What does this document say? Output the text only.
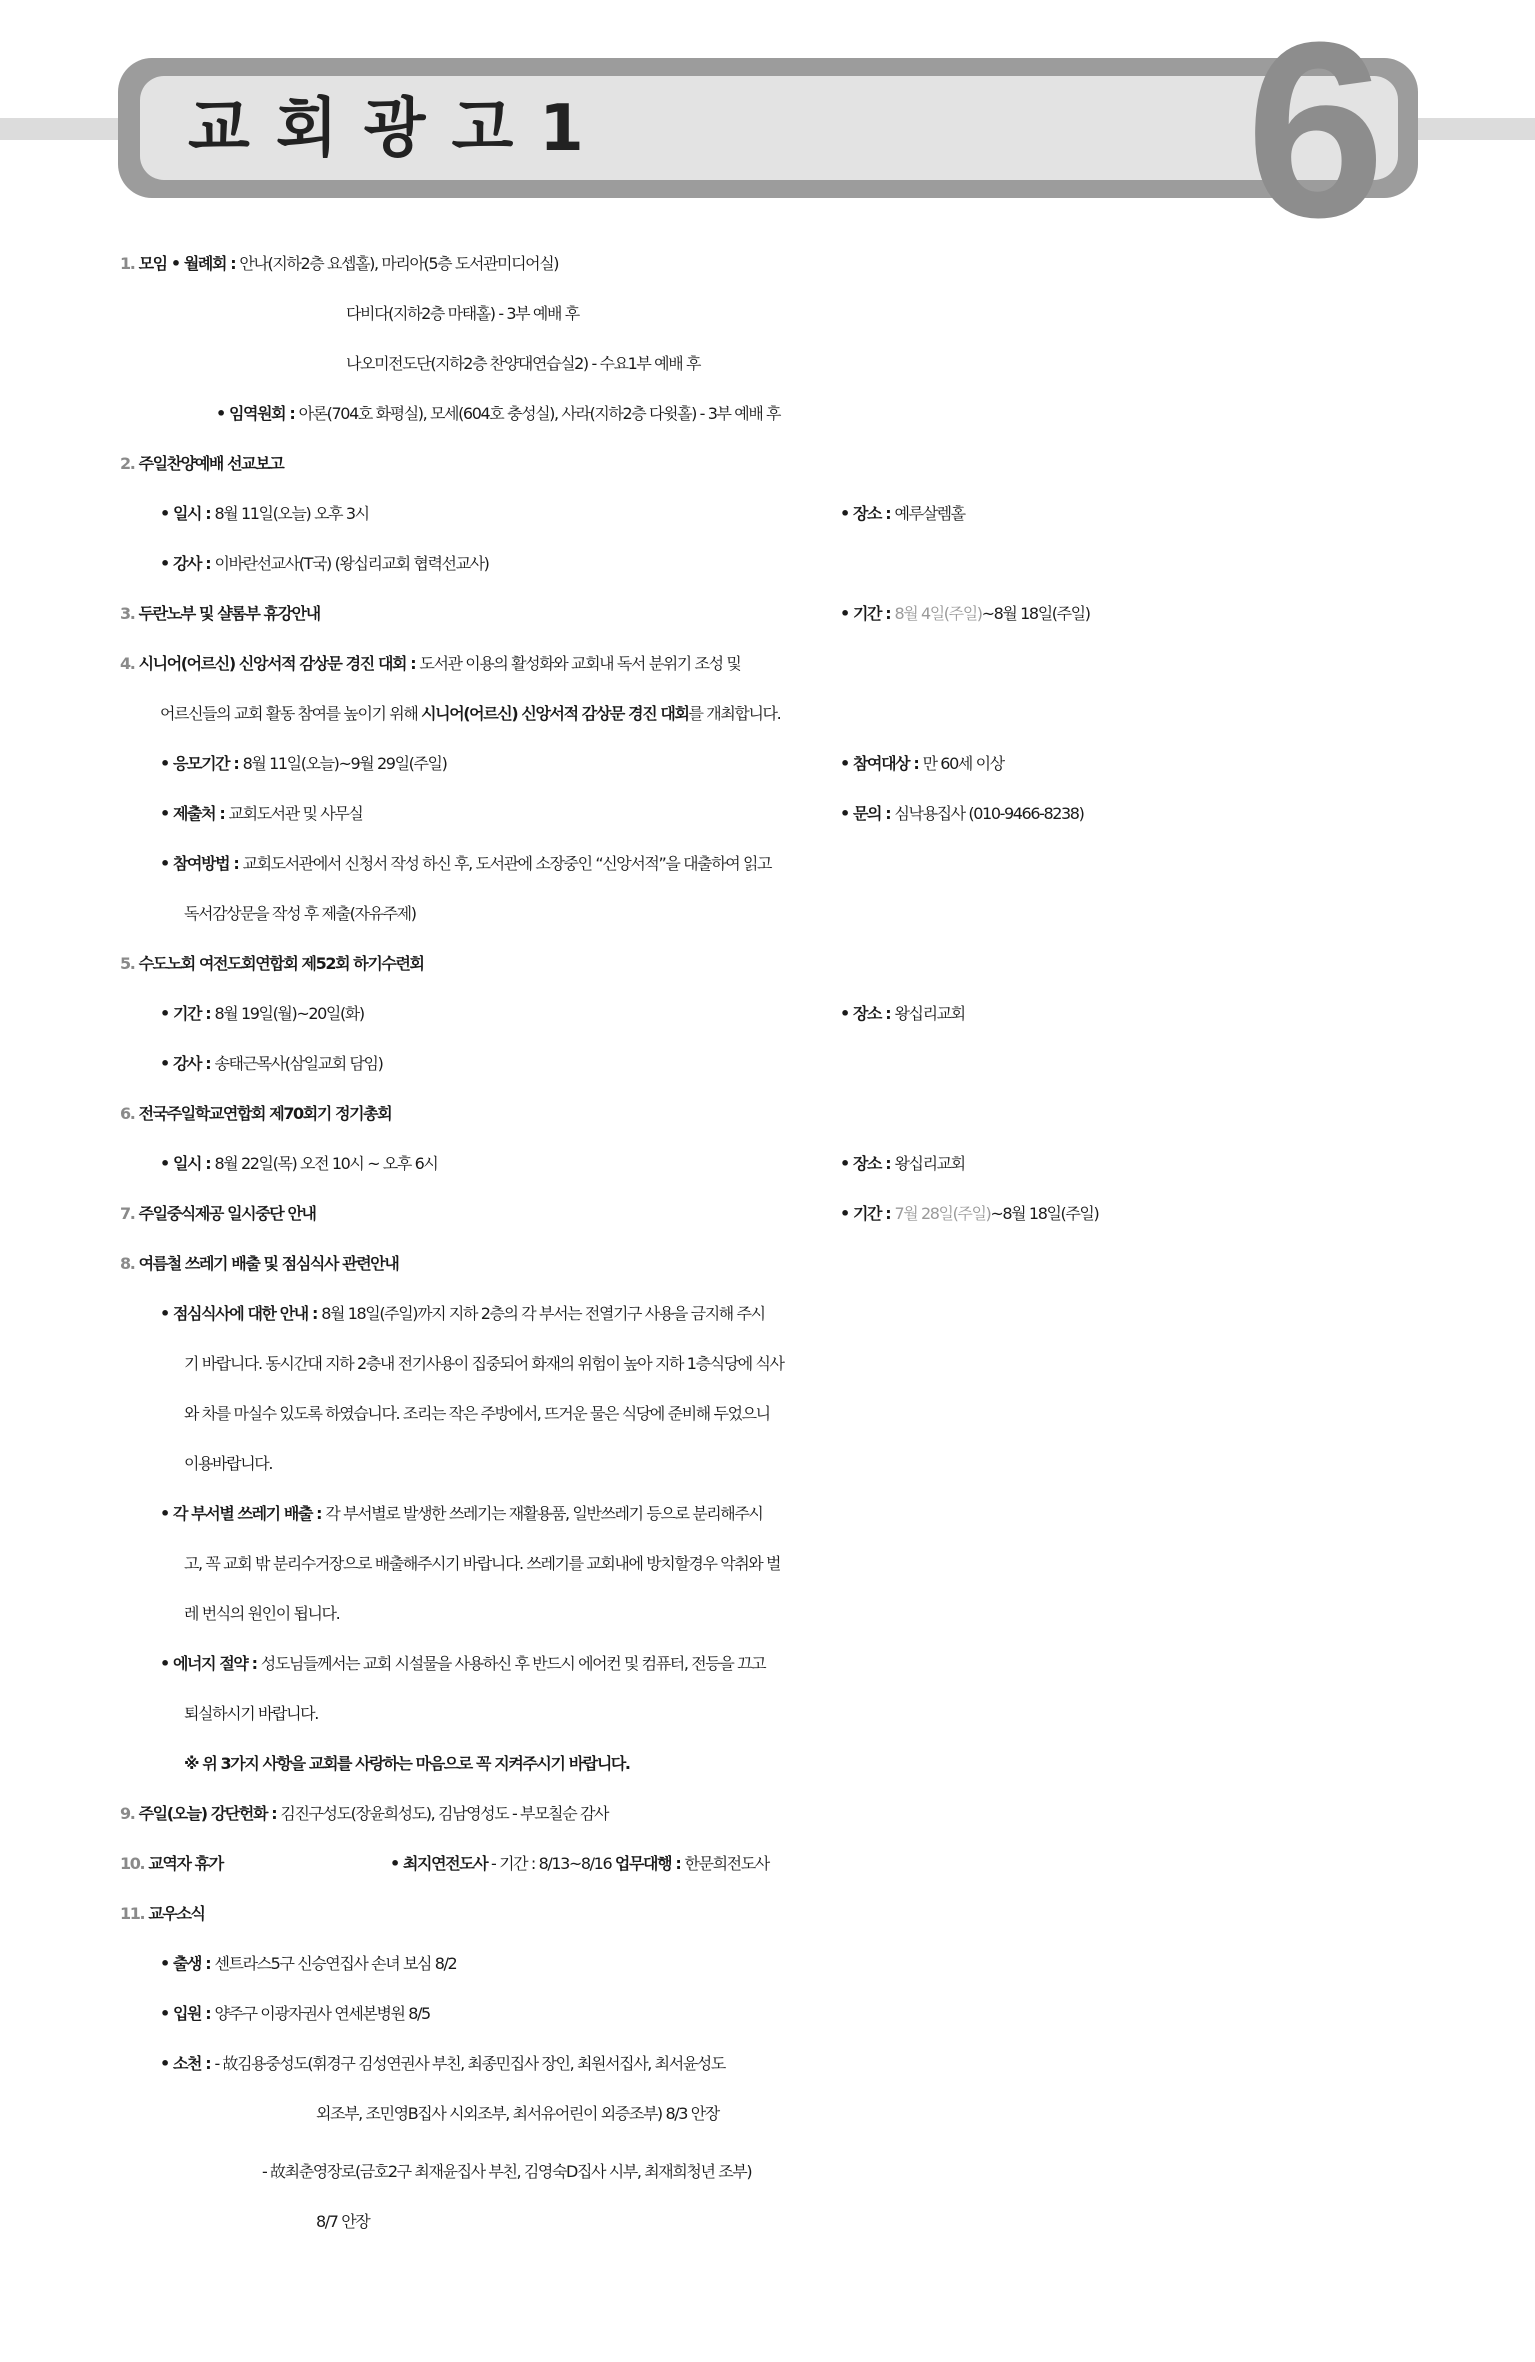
교회광고1	6
1. 모임 • 월례회 : 안나(지하2층 요셉홀), 마리아(5층 도서관미디어실)
다비다(지하2층 마태홀) - 3부 예배 후
나오미전도단(지하2층 찬양대연습실2) - 수요1부 예배 후
• 임역원회 : 아론(704호 화평실), 모세(604호 충성실), 사라(지하2층 다윗홀) - 3부 예배 후
2. 주일찬양예배 선교보고
• 일시 : 8월 11일(오늘) 오후 3시	• 장소 : 예루살렘홀
• 강사 : 이바란선교사(T국) (왕십리교회 협력선교사)
3. 두란노부 및 샬롬부 휴강안내	• 기간 : 8월 4일(주일)~8월 18일(주일)
4. 시니어(어르신) 신앙서적 감상문 경진 대회 : 도서관 이용의 활성화와 교회내 독서 분위기 조성 및
어르신들의 교회 활동 참여를 높이기 위해 시니어(어르신) 신앙서적 감상문 경진 대회를 개최합니다.
• 응모기간 : 8월 11일(오늘)~9월 29일(주일)	• 참여대상 : 만 60세 이상
• 제출처 : 교회도서관 및 사무실	• 문의 : 심낙용집사 (010-9466-8238)
• 참여방법 : 교회도서관에서 신청서 작성 하신 후, 도서관에 소장중인 “신앙서적”을 대출하여 읽고
독서감상문을 작성 후 제출(자유주제)
5. 수도노회 여전도회연합회 제52회 하기수련회
• 기간 : 8월 19일(월)~20일(화)	• 장소 : 왕십리교회
• 강사 : 송태근목사(삼일교회 담임)
6. 전국주일학교연합회 제70회기 정기총회
• 일시 : 8월 22일(목) 오전 10시 ~ 오후 6시	• 장소 : 왕십리교회
7. 주일중식제공 일시중단 안내	• 기간 : 7월 28일(주일)~8월 18일(주일)
8. 여름철 쓰레기 배출 및 점심식사 관련안내
• 점심식사에 대한 안내 : 8월 18일(주일)까지 지하 2층의 각 부서는 전열기구 사용을 금지해 주시
기 바랍니다. 동시간대 지하 2층내 전기사용이 집중되어 화재의 위험이 높아 지하 1층식당에 식사
와 차를 마실수 있도록 하였습니다. 조리는 작은 주방에서, 뜨거운 물은 식당에 준비해 두었으니
이용바랍니다.
• 각 부서별 쓰레기 배출 : 각 부서별로 발생한 쓰레기는 재활용품, 일반쓰레기 등으로 분리해주시
고, 꼭 교회 밖 분리수거장으로 배출해주시기 바랍니다. 쓰레기를 교회내에 방치할경우 악취와 벌
레 번식의 원인이 됩니다.
• 에너지 절약 : 성도님들께서는 교회 시설물을 사용하신 후 반드시 에어컨 및 컴퓨터, 전등을 끄고
퇴실하시기 바랍니다.
※ 위 3가지 사항을 교회를 사랑하는 마음으로 꼭 지켜주시기 바랍니다.
9. 주일(오늘) 강단헌화 : 김진구성도(장윤희성도), 김남영성도 - 부모칠순 감사
10. 교역자 휴가	• 최지연전도사 - 기간 : 8/13~8/16 업무대행 : 한문희전도사
11. 교우소식
• 출생 : 센트라스5구 신승연집사 손녀 보심 8/2
• 입원 : 양주구 이광자권사 연세본병원 8/5
• 소천 : - 故김용중성도(휘경구 김성연권사 부친, 최종민집사 장인, 최원서집사, 최서윤성도
외조부, 조민영B집사 시외조부, 최서유어린이 외증조부) 8/3 안장
- 故최춘영장로(금호2구 최재윤집사 부친, 김영숙D집사 시부, 최재희청년 조부)
8/7 안장
